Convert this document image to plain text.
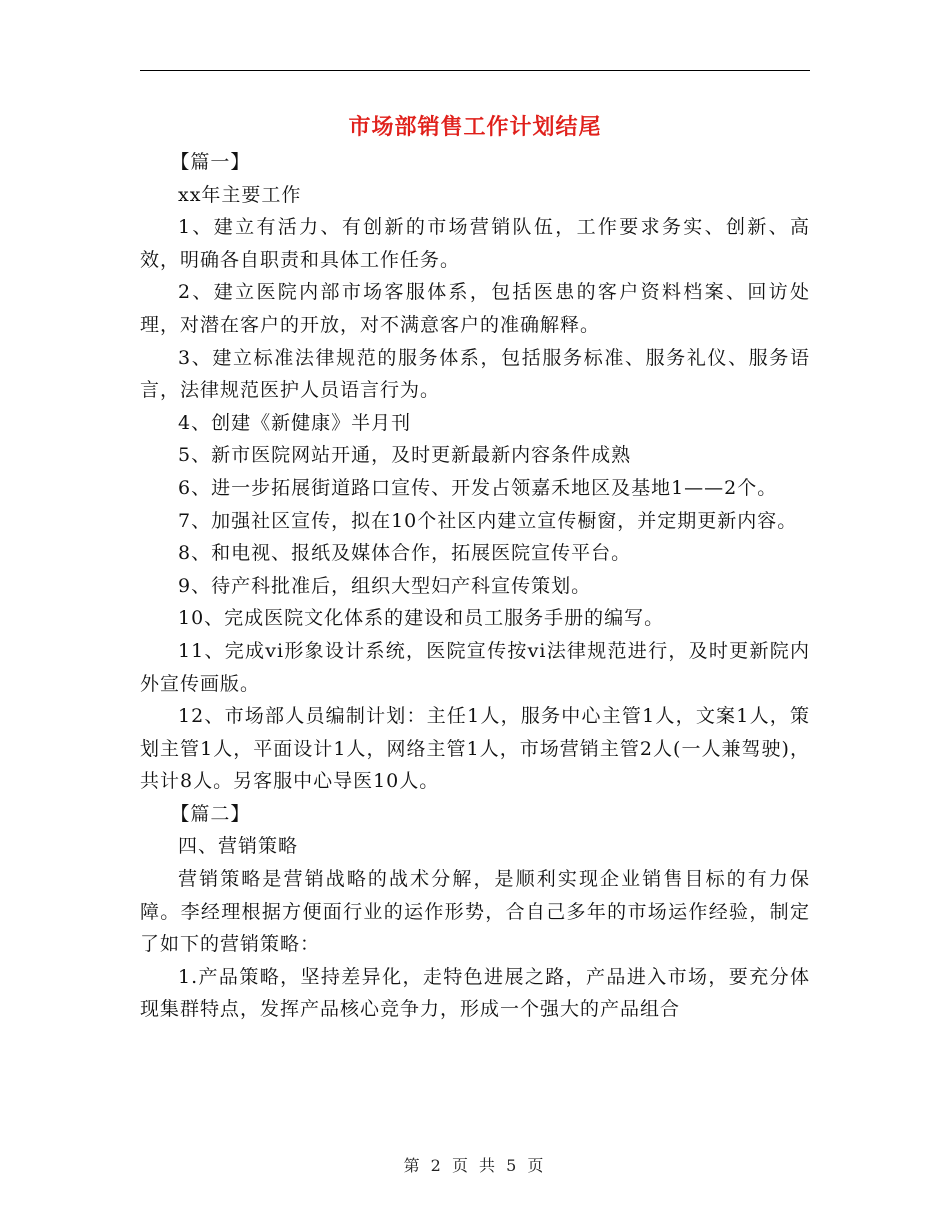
市场部销售工作计划结尾

【篇一】

xx年主要工作

1、建立有活力、有创新的市场营销队伍，工作要求务实、创新、高效，明确各自职责和具体工作任务。

2、建立医院内部市场客服体系，包括医患的客户资料档案、回访处理，对潜在客户的开放，对不满意客户的准确解释。

3、建立标准法律规范的服务体系，包括服务标准、服务礼仪、服务语言，法律规范医护人员语言行为。

4、创建《新健康》半月刊

5、新市医院网站开通，及时更新最新内容条件成熟

6、进一步拓展街道路口宣传、开发占领嘉禾地区及基地1——2个。

7、加强社区宣传，拟在10个社区内建立宣传橱窗，并定期更新内容。

8、和电视、报纸及媒体合作，拓展医院宣传平台。

9、待产科批准后，组织大型妇产科宣传策划。

10、完成医院文化体系的建设和员工服务手册的编写。

11、完成vi形象设计系统，医院宣传按vi法律规范进行，及时更新院内外宣传画版。

12、市场部人员编制计划：主任1人，服务中心主管1人，文案1人，策划主管1人，平面设计1人，网络主管1人，市场营销主管2人(一人兼驾驶)，共计8人。另客服中心导医10人。

【篇二】

四、营销策略

营销策略是营销战略的战术分解，是顺利实现企业销售目标的有力保障。李经理根据方便面行业的运作形势，合自己多年的市场运作经验，制定了如下的营销策略：

1.产品策略，坚持差异化，走特色进展之路，产品进入市场，要充分体现集群特点，发挥产品核心竞争力，形成一个强大的产品组合

第 2 页 共 5 页
